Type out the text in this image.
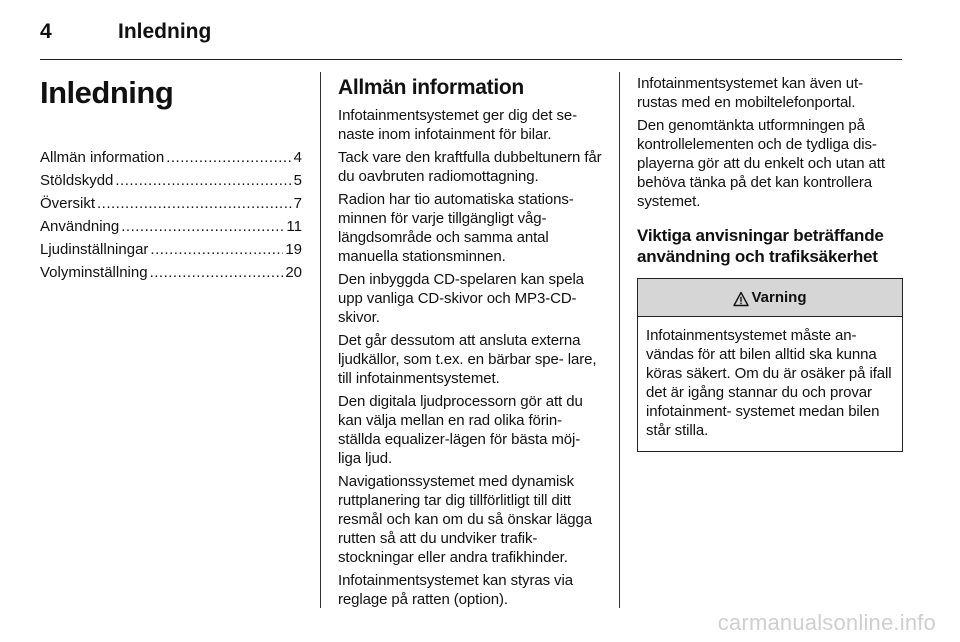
4	Inledning
Inledning
Allmän information .....	4
Stöldskydd .....	5
Översikt .....	7
Användning .....	11
Ljudinställningar .....	19
Volyminställning .....	20
Allmän information

Infotainmentsystemet ger dig det se- naste inom infotainment för bilar.

Tack vare den kraftfulla dubbeltunern får du oavbruten radiomottagning.

Radion har tio automatiska stations- minnen för varje tillgängligt våg- längdsområde och samma antal manuella stationsminnen.

Den inbyggda CD-spelaren kan spela upp vanliga CD-skivor och MP3-CD- skivor.

Det går dessutom att ansluta externa ljudkällor, som t.ex. en bärbar spe- lare, till infotainmentsystemet.

Den digitala ljudprocessorn gör att du kan välja mellan en rad olika förin- ställda equalizer-lägen för bästa möj- liga ljud.

Navigationssystemet med dynamisk ruttplanering tar dig tillförlitligt till ditt resmål och kan om du så önskar lägga rutten så att du undviker trafik- stockningar eller andra trafikhinder.

Infotainmentsystemet kan styras via reglage på ratten (option).

Infotainmentsystemet kan även ut- rustas med en mobiltelefonportal.

Den genomtänkta utformningen på kontrollelementen och de tydliga dis- playerna gör att du enkelt och utan att behöva tänka på det kan kontrollera systemet.

Viktiga anvisningar beträffande användning och trafiksäkerhet
Varning
Infotainmentsystemet måste an- vändas för att bilen alltid ska kunna köras säkert. Om du är osäker på ifall det är igång stannar du och provar infotainment- systemet medan bilen står stilla.
carmanualsonline.info
